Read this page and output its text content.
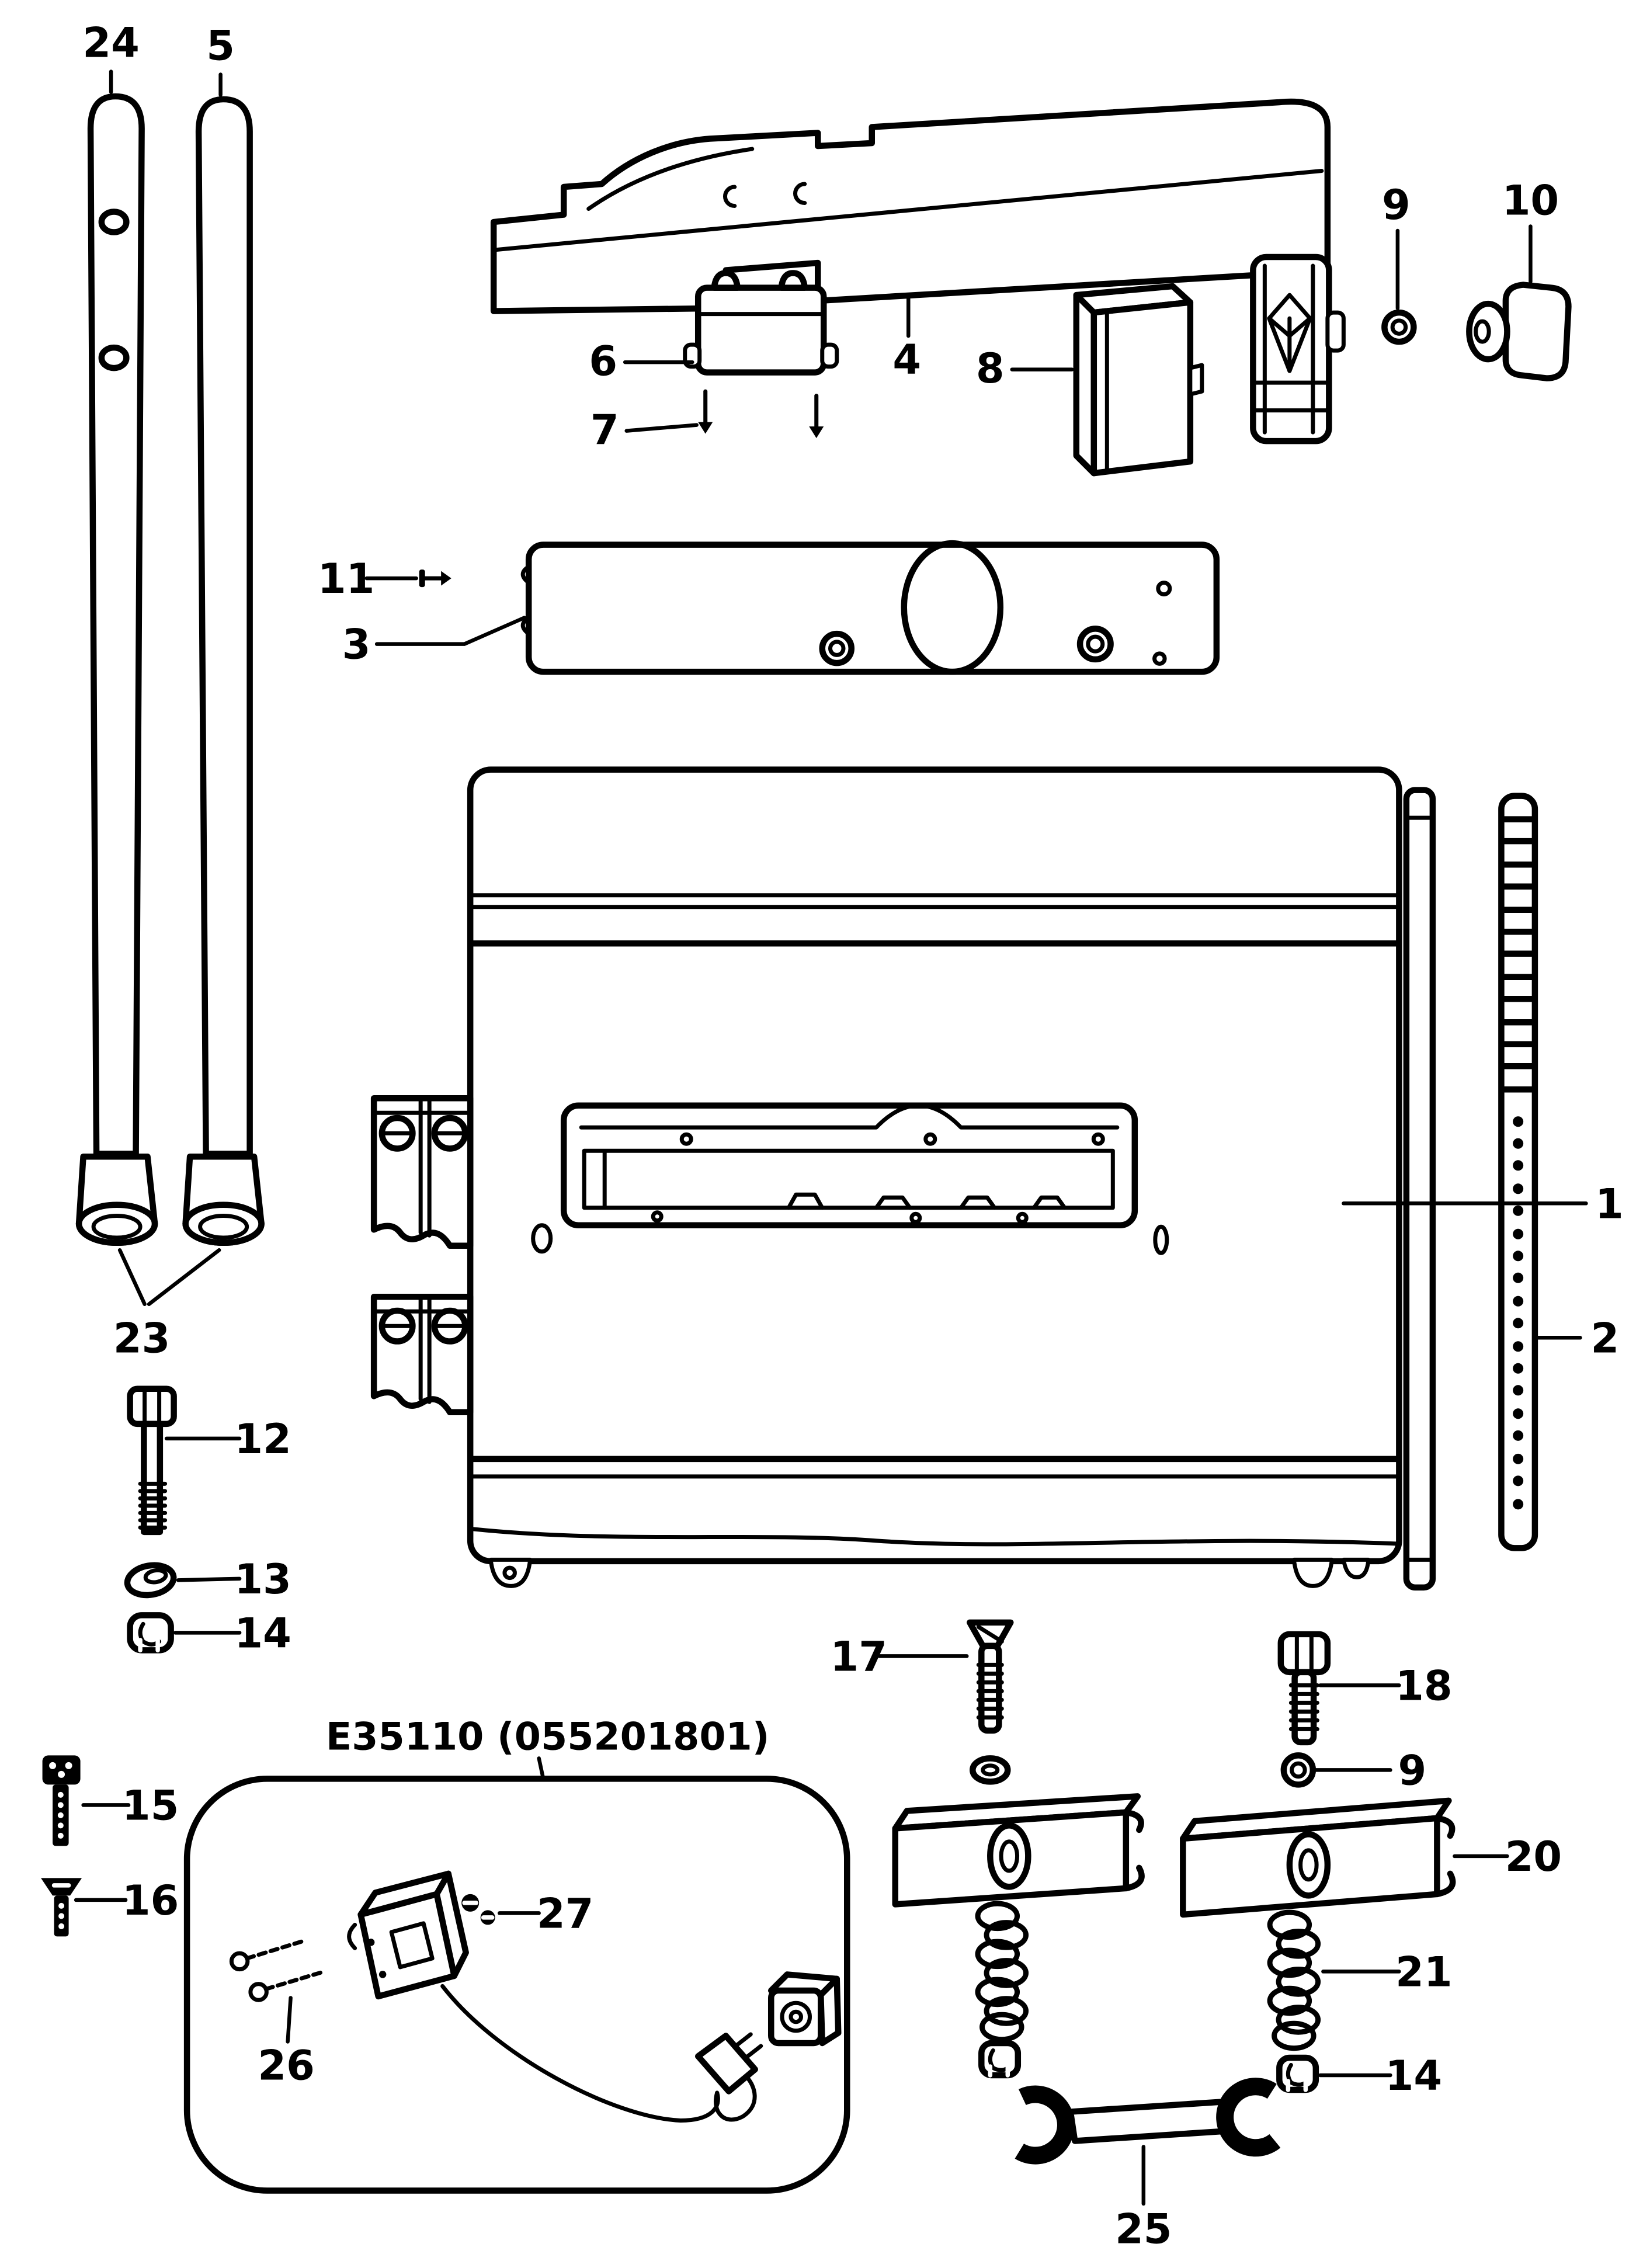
24	5
9	10
6
7
4	8
11
3
1
2
23
12
13
14
15
16
17
18
9
20
21
14
25
26
27
E35110 (055201801)
